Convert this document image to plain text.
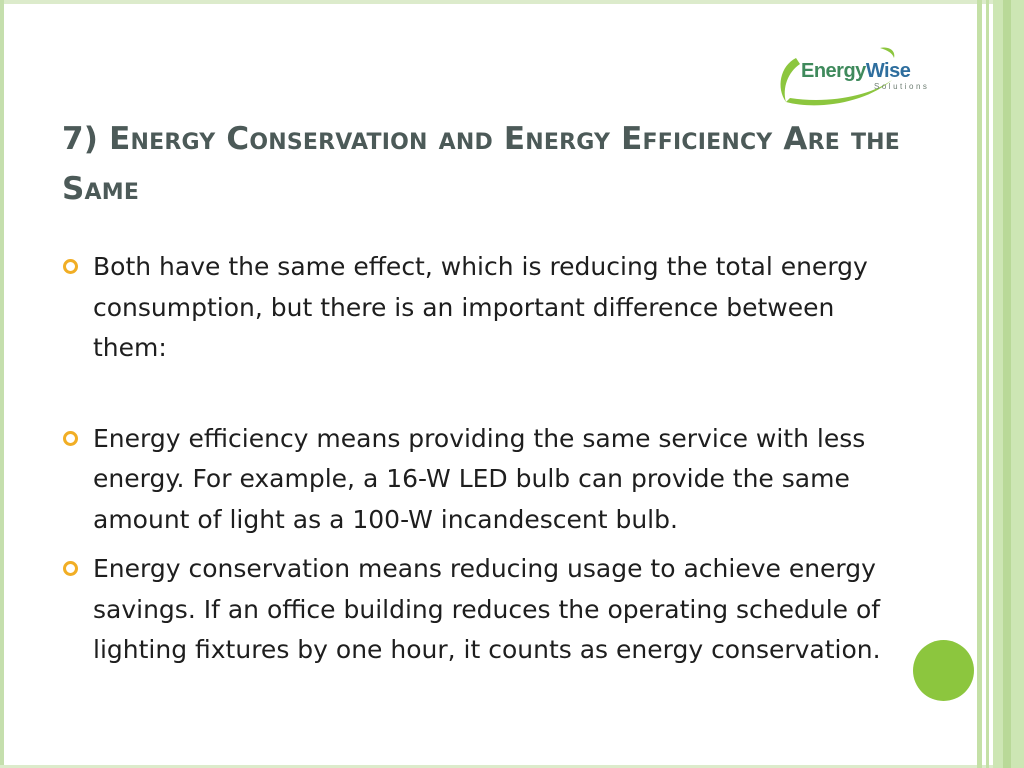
EnergyWise
Solutions
7) Energy Conservation and Energy Efficiency Are the Same
Both have the same effect, which is reducing the total energy consumption, but there is an important difference between them:
Energy efficiency means providing the same service with less energy. For example, a 16-W LED bulb can provide the same amount of light as a 100-W incandescent bulb.
Energy conservation means reducing usage to achieve energy savings. If an office building reduces the operating schedule of lighting fixtures by one hour, it counts as energy conservation.
